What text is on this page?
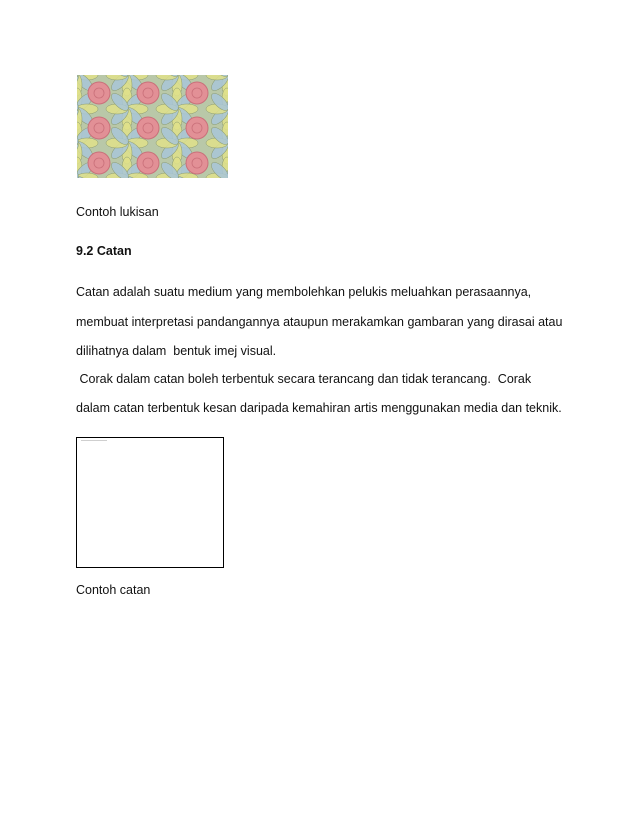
Contoh lukisan
9.2 Catan
Catan adalah suatu medium yang membolehkan pelukis meluahkan perasaannya,
membuat interpretasi pandangannya ataupun merakamkan gambaran yang dirasai atau
dilihatnya dalam  bentuk imej visual.
Corak dalam catan boleh terbentuk secara terancang dan tidak terancang.  Corak
dalam catan terbentuk kesan daripada kemahiran artis menggunakan media dan teknik.
Contoh catan
